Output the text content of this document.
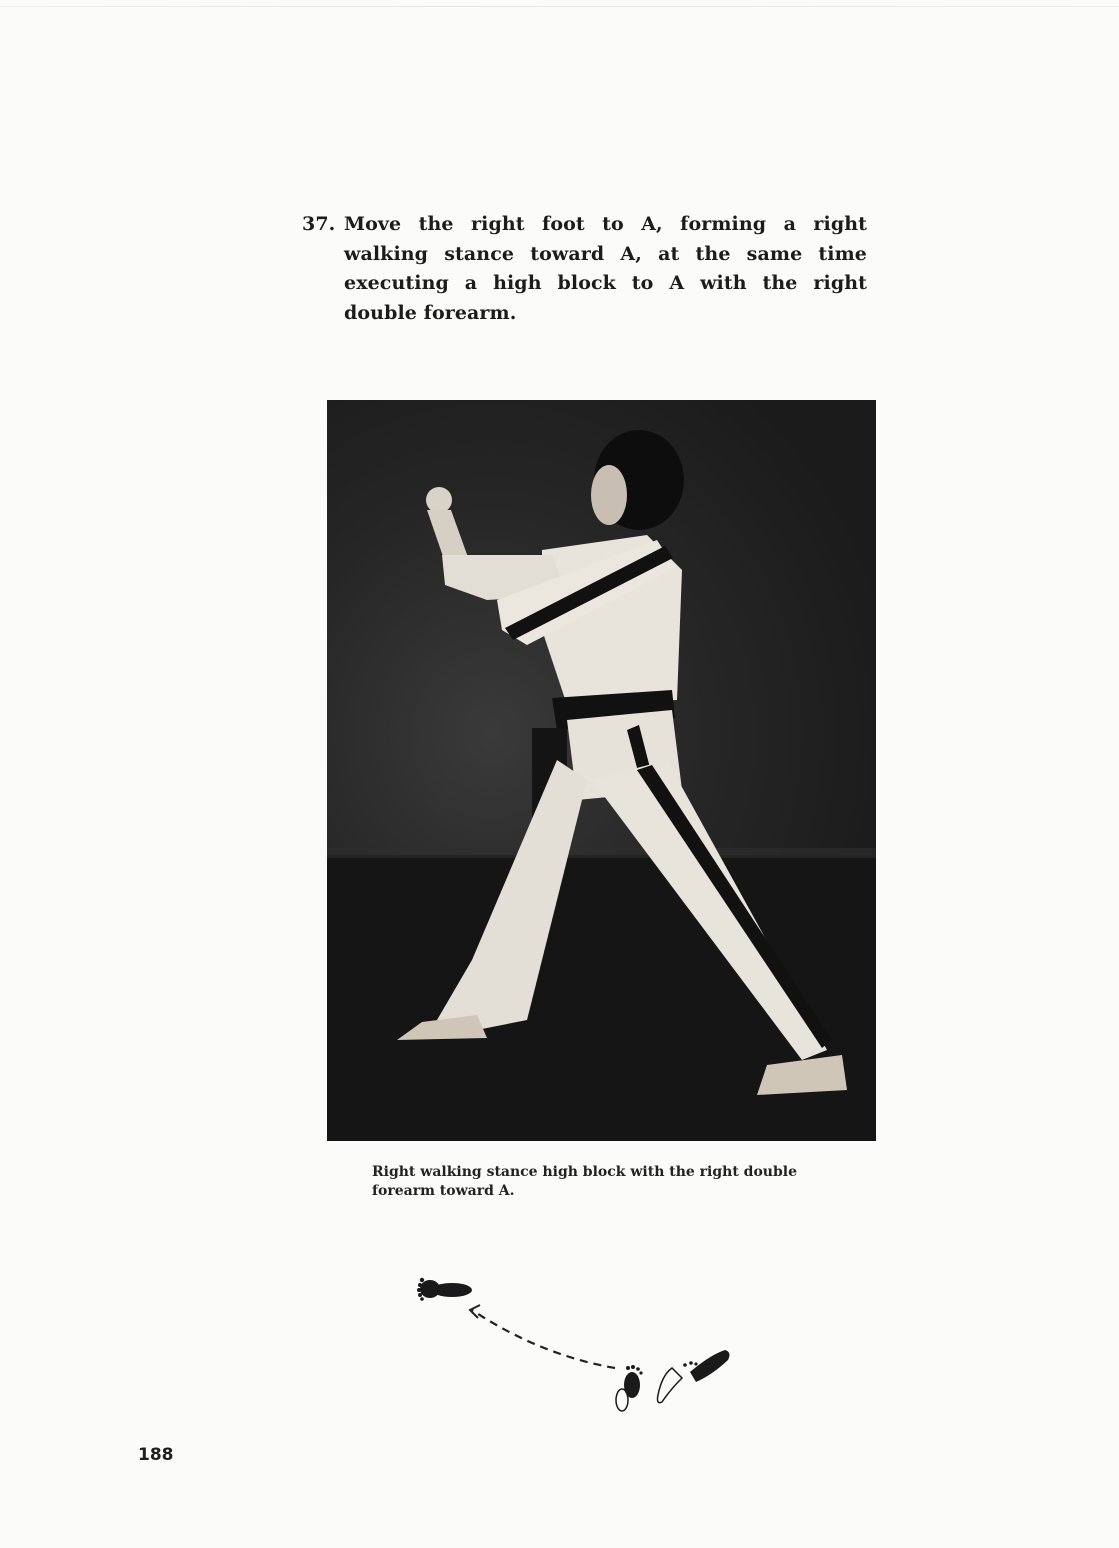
37. Move the right foot to A, forming a right walking stance toward A, at the same time executing a high block to A with the right double forearm.
Right walking stance high block with the right double forearm toward A.
188
